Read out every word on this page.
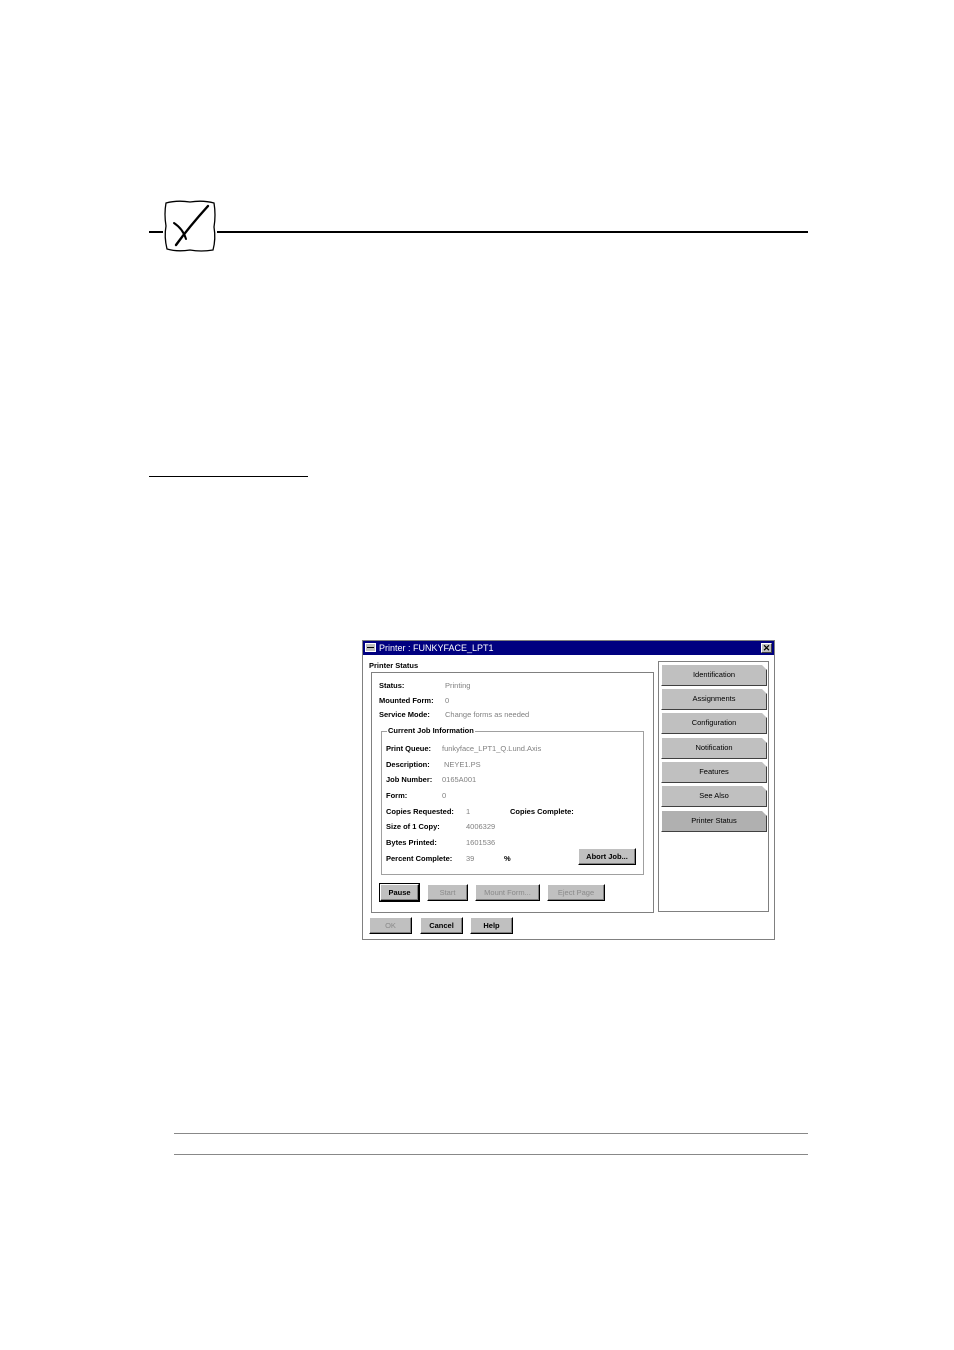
Printer : FUNKYFACE_LPT1	✕
Printer Status
Status:	Printing
Mounted Form: 0
Service Mode: Change forms as needed
Current Job Information
Print Queue: funkyface_LPT1_Q.Lund.Axis
Description: NEYE1.PS
Job Number: 0165A001
Form:	0
Copies Requested: 1	Copies Complete:
Size of 1 Copy:	4006329
Bytes Printed:	1601536
Percent Complete: 39	%	Abort Job...
Pause	Start	Mount Form...	Eject Page
OK	Cancel	Help
Identification
Assignments
Configuration
Notification
Features
See Also
Printer Status
